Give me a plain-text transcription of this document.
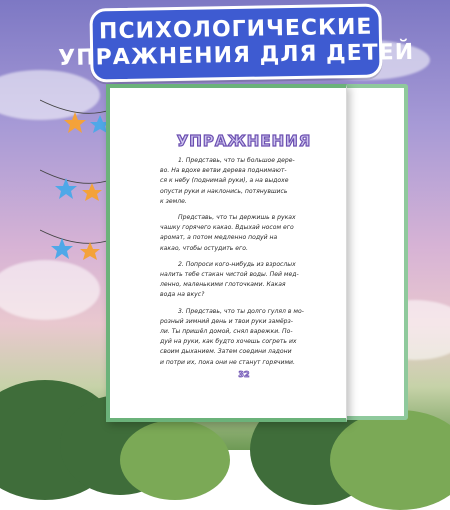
ПСИХОЛОГИЧЕСКИЕ
УПРАЖНЕНИЯ ДЛЯ ДЕТЕЙ
УПРАЖНЕНИЯ

1. Представь, что ты большое дере-
во. На вдохе ветви дерева поднимают-
ся к небу (поднимай руки), а на выдохе
опусти руки и наклонись, потянувшись
к земле.

Представь, что ты держишь в руках
чашку горячего какао. Вдыхай носом его
аромат, а потом медленно подуй на
какао, чтобы остудить его.

2. Попроси кого-нибудь из взрослых
налить тебе стакан чистой воды. Пей мед-
ленно, маленькими глоточками. Какая
вода на вкус?

3. Представь, что ты долго гулял в мо-
розный зимний день и твои руки замёрз-
ли. Ты пришёл домой, снял варежки. По-
дуй на руки, как будто хочешь согреть их
своим дыханием. Затем соедини ладони
и потри их, пока они не станут горячими.

32
